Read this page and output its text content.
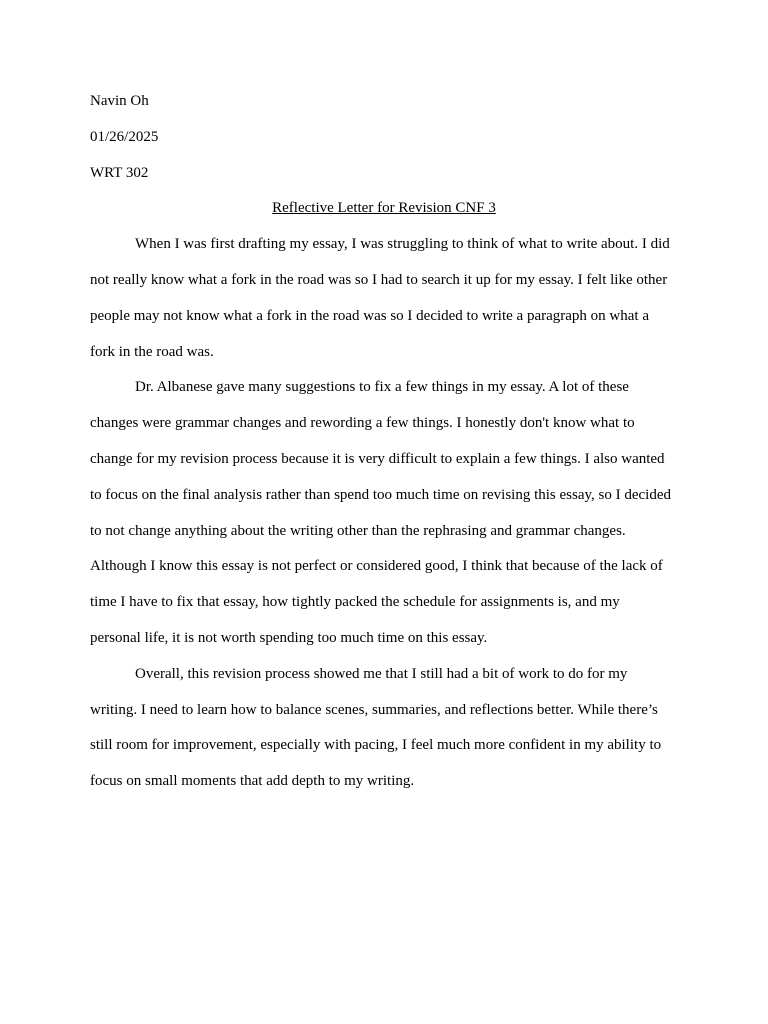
Navin Oh
01/26/2025
WRT 302
Reflective Letter for Revision CNF 3
When I was first drafting my essay, I was struggling to think of what to write about. I did
not really know what a fork in the road was so I had to search it up for my essay. I felt like other
people may not know what a fork in the road was so I decided to write a paragraph on what a
fork in the road was.
Dr. Albanese gave many suggestions to fix a few things in my essay. A lot of these
changes were grammar changes and rewording a few things. I honestly don't know what to
change for my revision process because it is very difficult to explain a few things. I also wanted
to focus on the final analysis rather than spend too much time on revising this essay, so I decided
to not change anything about the writing other than the rephrasing and grammar changes.
Although I know this essay is not perfect or considered good, I think that because of the lack of
time I have to fix that essay, how tightly packed the schedule for assignments is, and my
personal life, it is not worth spending too much time on this essay.
Overall, this revision process showed me that I still had a bit of work to do for my
writing. I need to learn how to balance scenes, summaries, and reflections better. While there’s
still room for improvement, especially with pacing, I feel much more confident in my ability to
focus on small moments that add depth to my writing.
